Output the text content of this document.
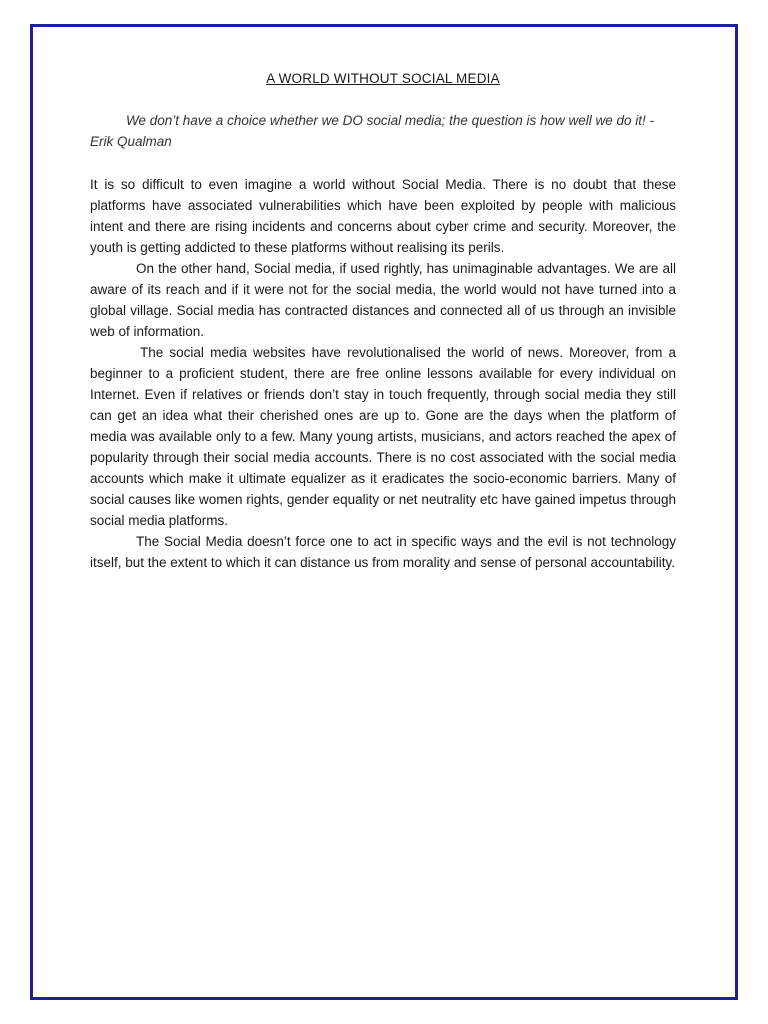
A WORLD WITHOUT SOCIAL MEDIA

We don’t have a choice whether we DO social media; the question is how well we do it! - Erik Qualman

It is so difficult to even imagine a world without Social Media. There is no doubt that these platforms have associated vulnerabilities which have been exploited by people with malicious intent and there are rising incidents and concerns about cyber crime and security. Moreover, the youth is getting addicted to these platforms without realising its perils.

On the other hand, Social media, if used rightly, has unimaginable advantages. We are all aware of its reach and if it were not for the social media, the world would not have turned into a global village. Social media has contracted distances and connected all of us through an invisible web of information.

The social media websites have revolutionalised the world of news. Moreover, from a beginner to a proficient student, there are free online lessons available for every individual on Internet. Even if relatives or friends don’t stay in touch frequently, through social media they still can get an idea what their cherished ones are up to. Gone are the days when the platform of media was available only to a few. Many young artists, musicians, and actors reached the apex of popularity through their social media accounts. There is no cost associated with the social media accounts which make it ultimate equalizer as it eradicates the socio-economic barriers. Many of social causes like women rights, gender equality or net neutrality etc have gained impetus through social media platforms.

The Social Media doesn’t force one to act in specific ways and the evil is not technology itself, but the extent to which it can distance us from morality and sense of personal accountability.
